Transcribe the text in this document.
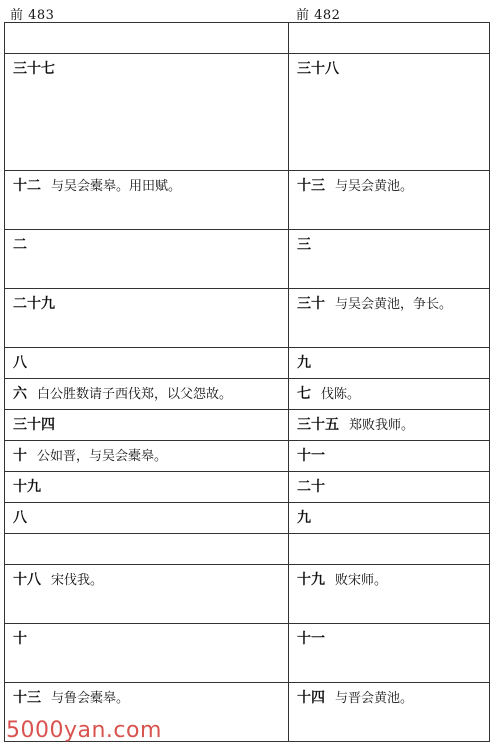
前 483	前 482

三十七	三十八

十二 与吴会橐皋。用田赋。	十三 与吴会黄池。

二	三

二十九	三十 与吴会黄池，争长。

八	九

六 白公胜数请子西伐郑，以父怨故。	七 伐陈。

三十四	三十五 郑败我师。

十 公如晋，与吴会橐皋。	十一

十九	二十

八	九

十八 宋伐我。	十九 败宋师。

十	十一

十三 与鲁会橐皋。	十四 与晋会黄池。
5000yan.com
